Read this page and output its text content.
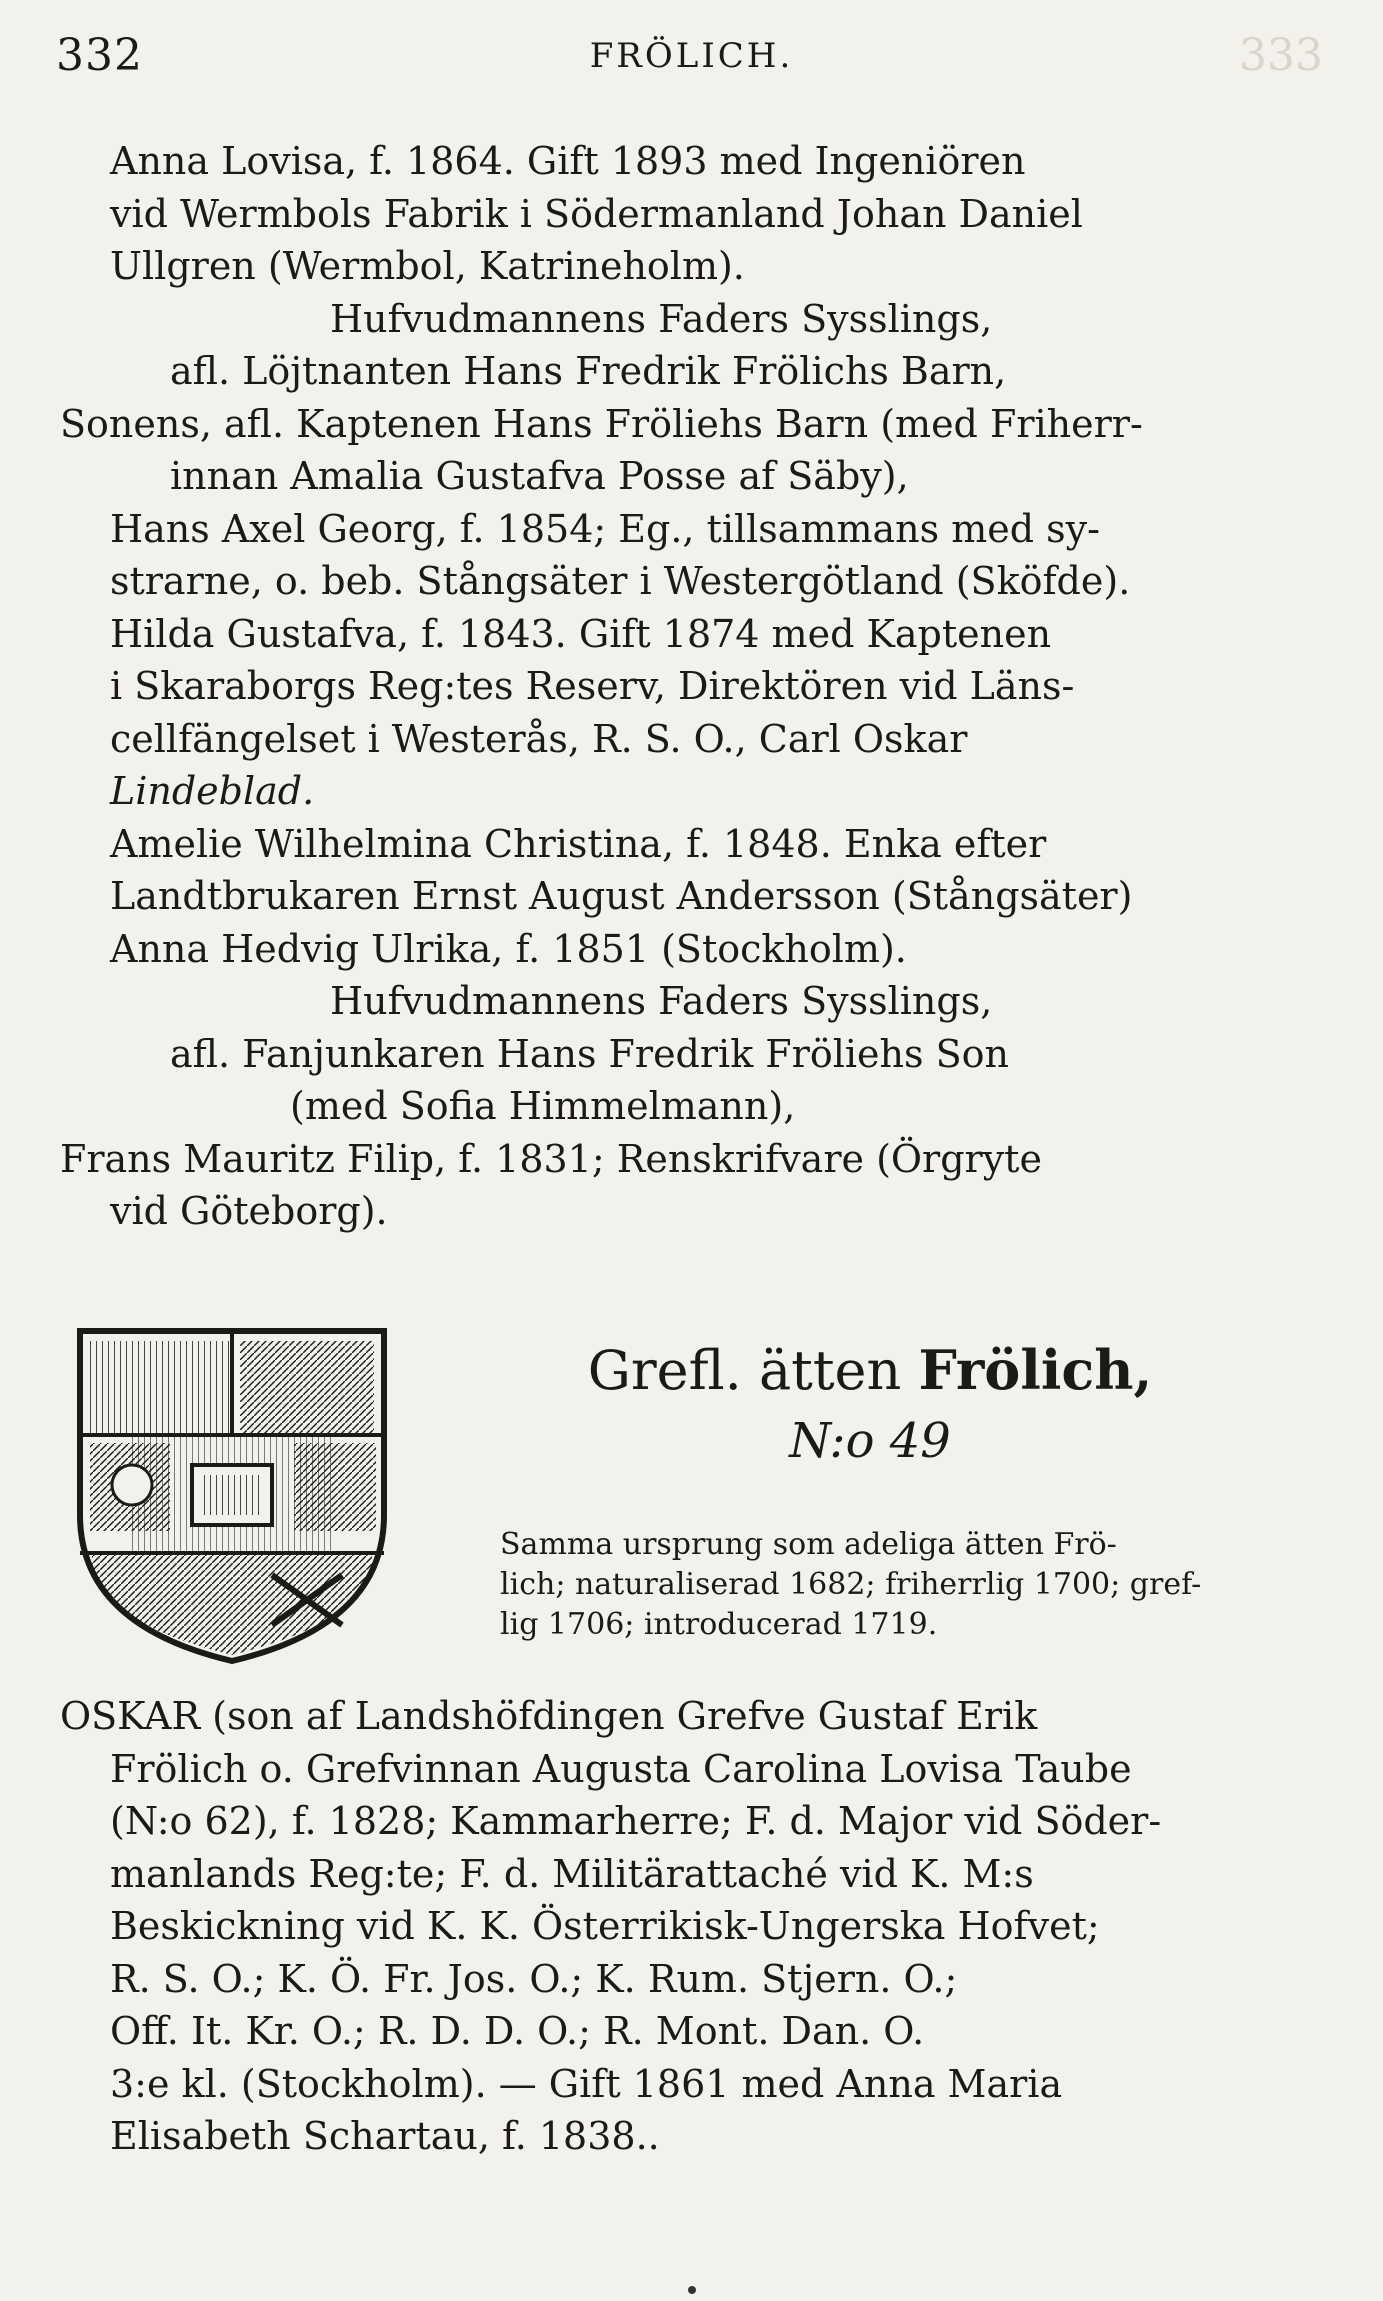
332	FRÖLICH.	333
Anna Lovisa, f. 1864. Gift 1893 med Ingeniören
vid Wermbols Fabrik i Södermanland Johan Daniel
Ullgren (Wermbol, Katrineholm).
Hufvudmannens Faders Sysslings,
afl. Löjtnanten Hans Fredrik Frölichs Barn,
Sonens, afl. Kaptenen Hans Fröliehs Barn (med Friherr-
innan Amalia Gustafva Posse af Säby),
Hans Axel Georg, f. 1854; Eg., tillsammans med sy-
strarne, o. beb. Stångsäter i Westergötland (Sköfde).
Hilda Gustafva, f. 1843. Gift 1874 med Kaptenen
i Skaraborgs Reg:tes Reserv, Direktören vid Läns-
cellfängelset i Westerås, R. S. O., Carl Oskar
Lindeblad.
Amelie Wilhelmina Christina, f. 1848. Enka efter
Landtbrukaren Ernst August Andersson (Stångsäter)
Anna Hedvig Ulrika, f. 1851 (Stockholm).
Hufvudmannens Faders Sysslings,
afl. Fanjunkaren Hans Fredrik Fröliehs Son
(med Sofia Himmelmann),
Frans Mauritz Filip, f. 1831; Renskrifvare (Örgryte
vid Göteborg).
Grefl. ätten Frölich,
N:o 49
Samma ursprung som adeliga ätten Frö-
lich; naturaliserad 1682; friherrlig 1700; gref-
lig 1706; introducerad 1719.
OSKAR (son af Landshöfdingen Grefve Gustaf Erik
Frölich o. Grefvinnan Augusta Carolina Lovisa Taube
(N:o 62), f. 1828; Kammarherre; F. d. Major vid Söder-
manlands Reg:te; F. d. Militärattaché vid K. M:s
Beskickning vid K. K. Österrikisk-Ungerska Hofvet;
R. S. O.; K. Ö. Fr. Jos. O.; K. Rum. Stjern. O.;
Off. It. Kr. O.; R. D. D. O.; R. Mont. Dan. O.
3:e kl. (Stockholm). — Gift 1861 med Anna Maria
Elisabeth Schartau, f. 1838..
